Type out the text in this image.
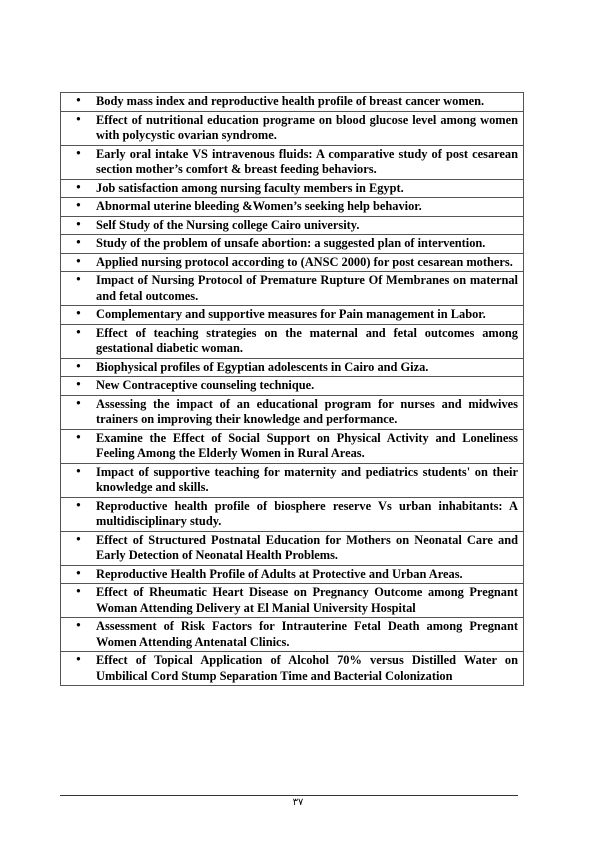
•	Body mass index and reproductive health profile of breast cancer women.

•	Effect of nutritional education programe on blood glucose level among women with polycystic ovarian syndrome.

•	Early oral intake VS intravenous fluids: A comparative study of post cesarean section mother’s comfort & breast feeding behaviors.

•	Job satisfaction among nursing faculty members in Egypt.

•	Abnormal uterine bleeding &Women’s seeking help behavior.

•	Self Study of the Nursing college Cairo university.

•	Study of the problem of unsafe abortion: a suggested plan of intervention.

•	Applied nursing protocol according to (ANSC 2000) for post cesarean mothers.

•	Impact of Nursing Protocol of Premature Rupture Of Membranes on maternal and fetal outcomes.

•	Complementary and supportive measures for Pain management in Labor.

•	Effect of teaching strategies on the maternal and fetal outcomes among gestational diabetic woman.

•	Biophysical profiles of Egyptian adolescents in Cairo and Giza.

•	New Contraceptive counseling technique.

•	Assessing the impact of an educational program for nurses and midwives trainers on improving their knowledge and performance.

•	Examine the Effect of Social Support on Physical Activity and Loneliness Feeling Among the Elderly Women in Rural Areas.

•	Impact of supportive teaching for maternity and pediatrics students' on their knowledge and skills.

•	Reproductive health profile of biosphere reserve Vs urban inhabitants: A multidisciplinary study.

•	Effect of Structured Postnatal Education for Mothers on Neonatal Care and Early Detection of Neonatal Health Problems.

•	Reproductive Health Profile of Adults at Protective and Urban Areas.

•	Effect of Rheumatic Heart Disease on Pregnancy Outcome among Pregnant Woman Attending Delivery at El Manial University Hospital

•	Assessment of Risk Factors for Intrauterine Fetal Death among Pregnant Women Attending Antenatal Clinics.

•	Effect of Topical Application of Alcohol 70% versus Distilled Water on Umbilical Cord Stump Separation Time and Bacterial Colonization
٣٧
